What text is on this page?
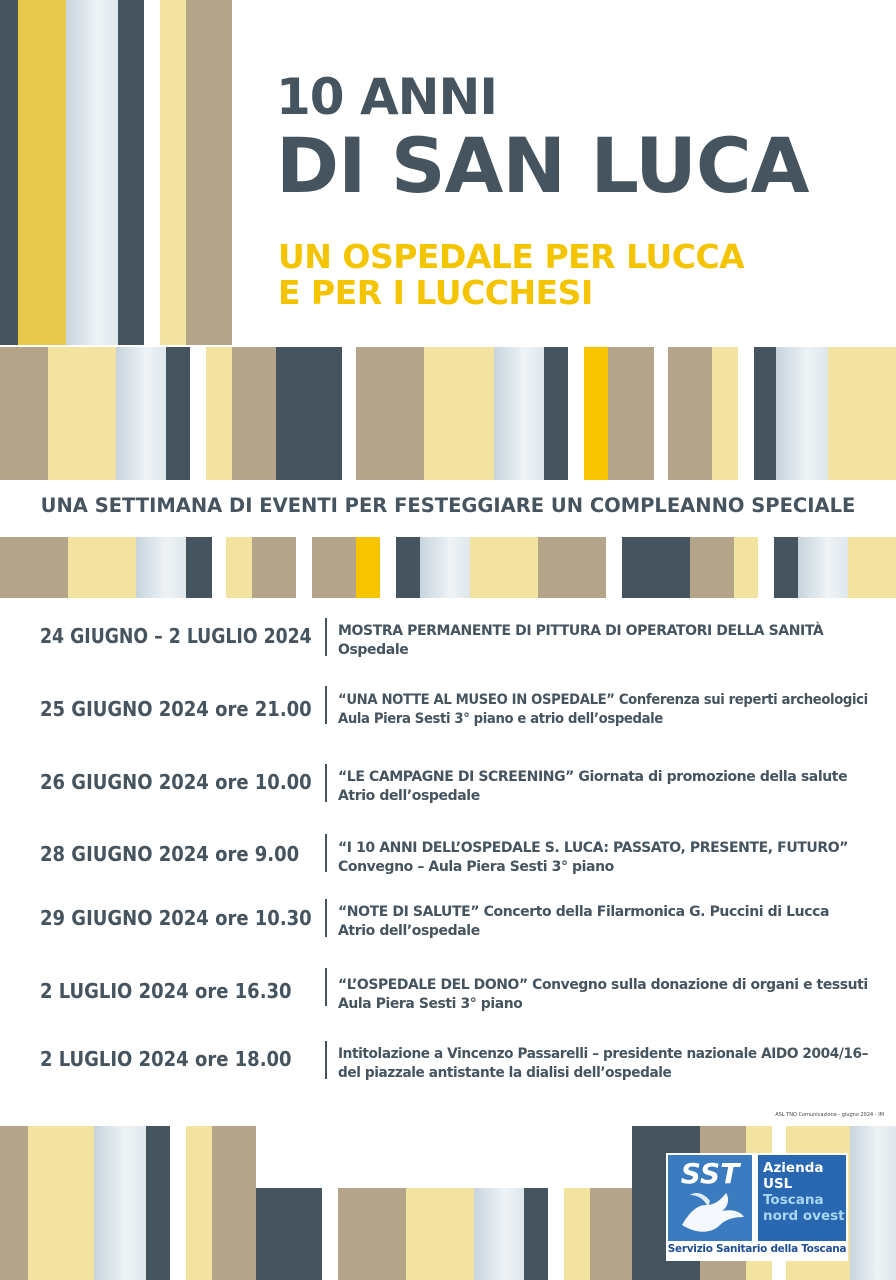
10 ANNI
DI SAN LUCA
UN OSPEDALE PER LUCCA
E PER I LUCCHESI
UNA SETTIMANA DI EVENTI PER FESTEGGIARE UN COMPLEANNO SPECIALE
24 GIUGNO – 2 LUGLIO 2024 MOSTRA PERMANENTE DI PITTURA DI OPERATORI DELLA SANITÀ
Ospedale
25 GIUGNO 2024 ore 21.00 “UNA NOTTE AL MUSEO IN OSPEDALE” Conferenza sui reperti archeologici
Aula Piera Sesti 3° piano e atrio dell’ospedale
26 GIUGNO 2024 ore 10.00 “LE CAMPAGNE DI SCREENING” Giornata di promozione della salute
Atrio dell’ospedale
28 GIUGNO 2024 ore 9.00	“I 10 ANNI DELL’OSPEDALE S. LUCA: PASSATO, PRESENTE, FUTURO”
Convegno – Aula Piera Sesti 3° piano
29 GIUGNO 2024 ore 10.30 “NOTE DI SALUTE” Concerto della Filarmonica G. Puccini di Lucca
Atrio dell’ospedale
2 LUGLIO 2024 ore 16.30	“L’OSPEDALE DEL DONO” Convegno sulla donazione di organi e tessuti
Aula Piera Sesti 3° piano
2 LUGLIO 2024 ore 18.00	Intitolazione a Vincenzo Passarelli – presidente nazionale AIDO 2004/16–
del piazzale antistante la dialisi dell’ospedale
ASL TNO Comunicazione - giugno 2024 - IM
SST	Azienda
USL
Toscana
nord ovest
Servizio Sanitario della Toscana
